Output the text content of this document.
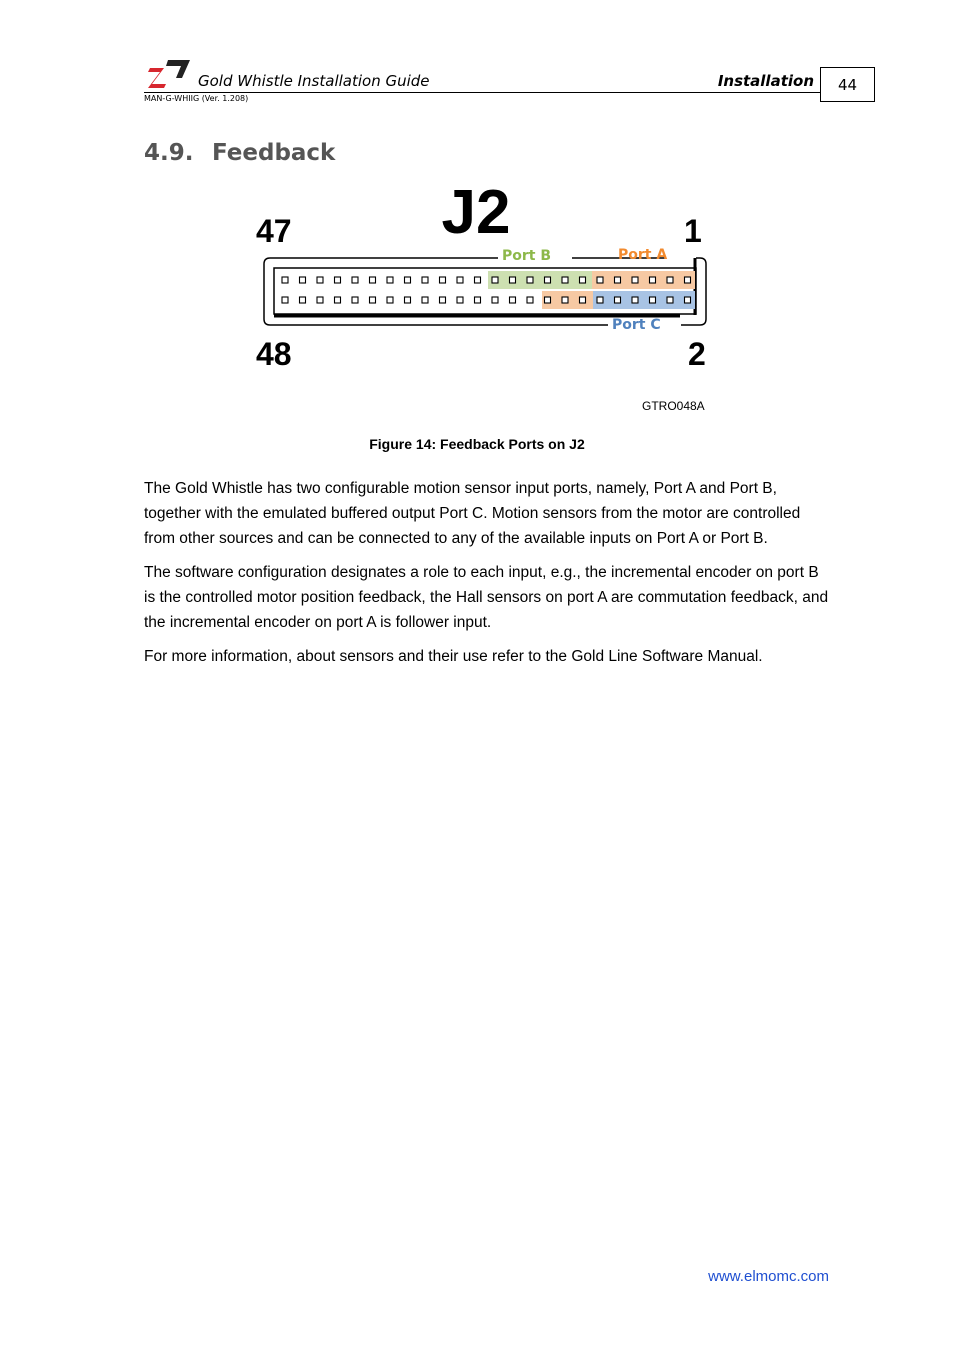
Gold Whistle Installation Guide	Installation	44
MAN-G-WHIIG (Ver. 1.208)
4.9. Feedback
J2
47	1
48	2
Port B	Port A
Port C
GTRO048A
Figure 14: Feedback Ports on J2

The Gold Whistle has two configurable motion sensor input ports, namely, Port A and Port B, together with the emulated buffered output Port C. Motion sensors from the motor are controlled from other sources and can be connected to any of the available inputs on Port A or Port B.

The software configuration designates a role to each input, e.g., the incremental encoder on port B is the controlled motor position feedback, the Hall sensors on port A are commutation feedback, and the incremental encoder on port A is follower input.

For more information, about sensors and their use refer to the Gold Line Software Manual.

www.elmomc.com
